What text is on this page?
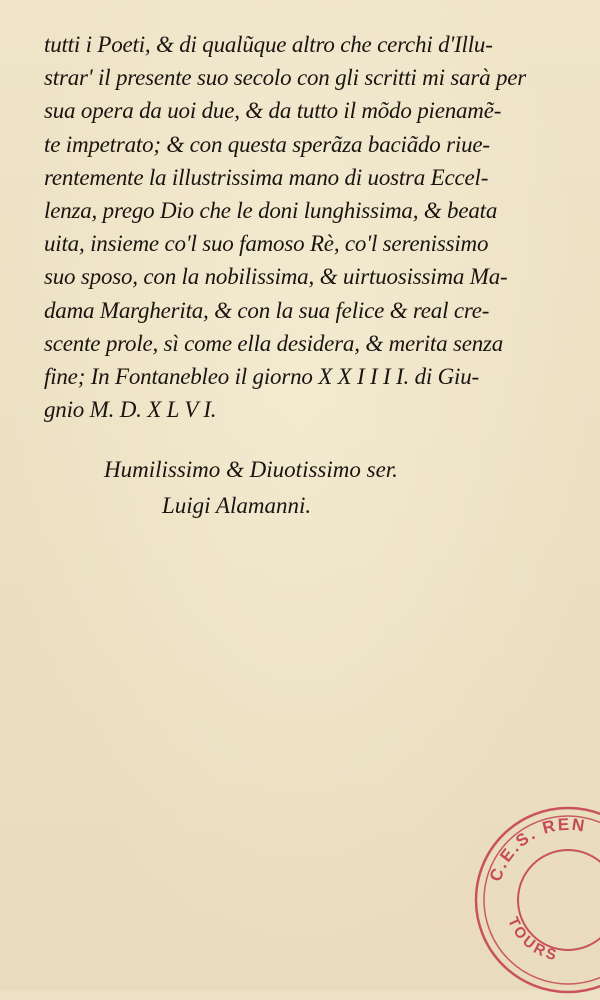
tutti i Poeti, & di qualũque altro che cerchi d'Illu-
strar' il presente suo secolo con gli scritti mi sarà per
sua opera da uoi due, & da tutto il mõdo pienamẽ-
te impetrato; & con questa sperãza baciãdo riue-
rentemente la illustrissima mano di uostra Eccel-
lenza, prego Dio che le doni lunghissima, & beata
uita, insieme co'l suo famoso Rè, co'l serenissimo
suo sposo, con la nobilissima, & uirtuosissima Ma-
dama Margherita, & con la sua felice & real cre-
scente prole, sì come ella desidera, & merita senza
fine; In Fontanebleo il giorno X X I I I I. di Giu-
gnio M. D. X L V I.
Humilissimo & Diuotissimo ser.
Luigi Alamanni.
C.E.S. REN
TOURS
